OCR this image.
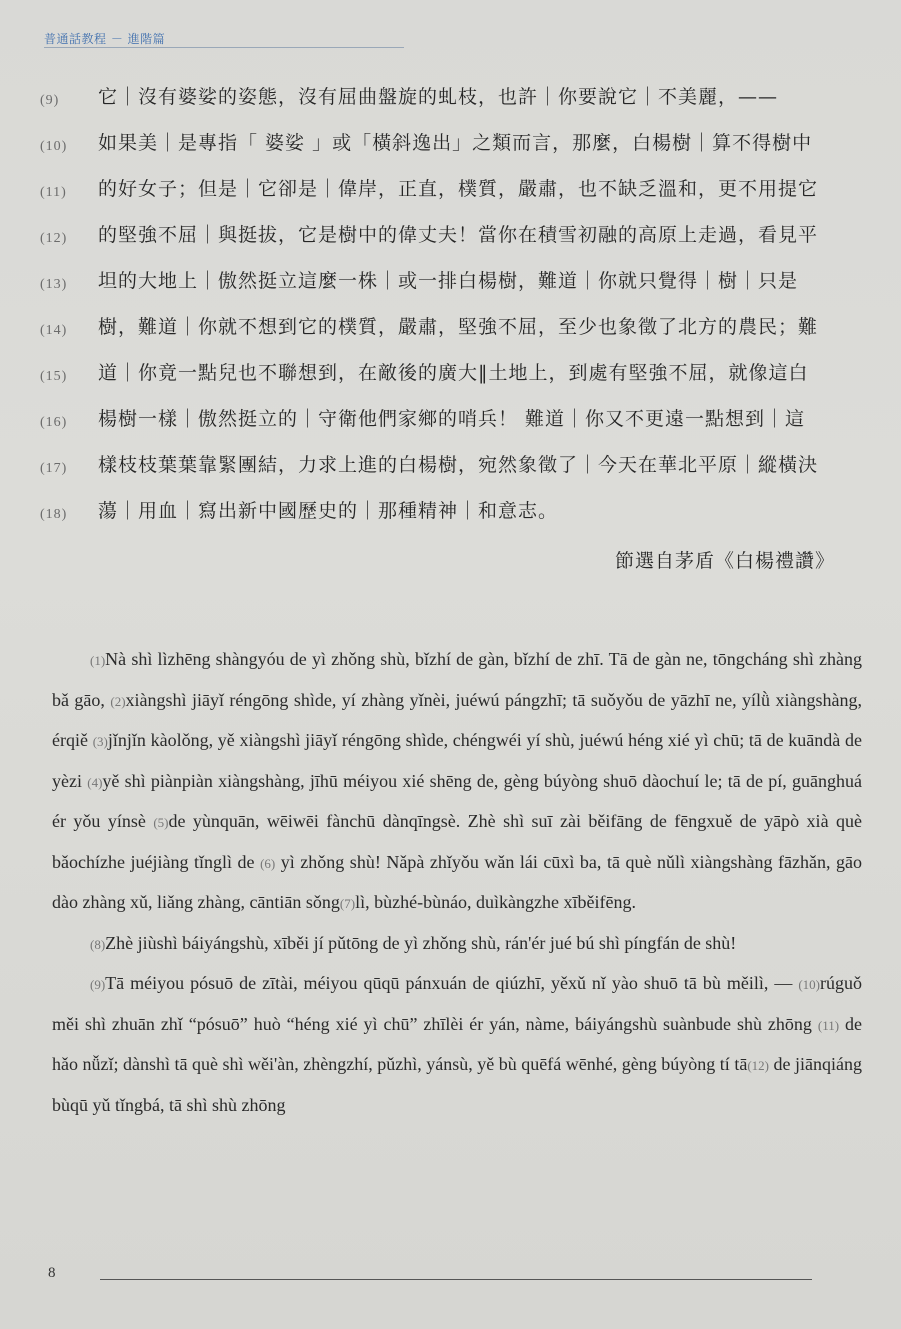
普通話教程 － 進階篇
(9) 它｜沒有婆娑的姿態，沒有屈曲盤旋的虬枝，也許｜你要說它｜不美麗，——
(10) 如果美｜是專指「 婆娑 」或「橫斜逸出」之類而言，那麼，白楊樹｜算不得樹中
(11) 的好女子；但是｜它卻是｜偉岸，正直，樸質，嚴肅，也不缺乏溫和，更不用提它
(12) 的堅強不屈｜與挺拔，它是樹中的偉丈夫！當你在積雪初融的高原上走過，看見平
(13) 坦的大地上｜傲然挺立這麼一株｜或一排白楊樹，難道｜你就只覺得｜樹｜只是
(14) 樹，難道｜你就不想到它的樸質，嚴肅，堅強不屈，至少也象徵了北方的農民；難
(15) 道｜你竟一點兒也不聯想到，在敵後的廣大‖土地上，到處有堅強不屈，就像這白
(16) 楊樹一樣｜傲然挺立的｜守衛他們家鄉的哨兵！ 難道｜你又不更遠一點想到｜這
(17) 樣枝枝葉葉靠緊團結，力求上進的白楊樹，宛然象徵了｜今天在華北平原｜縱橫決
(18) 蕩｜用血｜寫出新中國歷史的｜那種精神｜和意志。
節選自茅盾《白楊禮讚》

(1)Nà shì lìzhēng shàngyóu de yì zhǒng shù, bǐzhí de gàn, bǐzhí de zhī. Tā de gàn ne, tōngcháng shì zhàng bǎ gāo, (2)xiàngshì jiāyǐ réngōng shìde, yí zhàng yǐnèi, juéwú pángzhī; tā suǒyǒu de yāzhī ne, yílǜ xiàngshàng, érqiě (3)jǐnjǐn kàolǒng, yě xiàngshì jiāyǐ réngōng shìde, chéngwéi yí shù, juéwú héng xié yì chū; tā de kuāndà de yèzi (4)yě shì piànpiàn xiàngshàng, jīhū méiyou xié shēng de, gèng búyòng shuō dàochuí le; tā de pí, guānghuá ér yǒu yínsè (5)de yùnquān, wēiwēi fànchū dànqīngsè. Zhè shì suī zài běifāng de fēngxuě de yāpò xià què bǎochízhe juéjiàng tǐnglì de (6) yì zhǒng shù! Nǎpà zhǐyǒu wǎn lái cūxì ba, tā què nǔlì xiàngshàng fāzhǎn, gāo dào zhàng xǔ, liǎng zhàng, cāntiān sǒng(7)lì, bùzhé-bùnáo, duìkàngzhe xīběifēng.

(8)Zhè jiùshì báiyángshù, xīběi jí pǔtōng de yì zhǒng shù, rán'ér jué bú shì píngfán de shù!

(9)Tā méiyou pósuō de zītài, méiyou qūqū pánxuán de qiúzhī, yěxǔ nǐ yào shuō tā bù měilì, — (10)rúguǒ měi shì zhuān zhǐ “pósuō” huò “héng xié yì chū” zhīlèi ér yán, nàme, báiyángshù suànbude shù zhōng (11) de hǎo nǚzǐ; dànshì tā què shì wěi'àn, zhèngzhí, pǔzhì, yánsù, yě bù quēfá wēnhé, gèng búyòng tí tā(12) de jiānqiáng bùqū yǔ tǐngbá, tā shì shù zhōng

8
